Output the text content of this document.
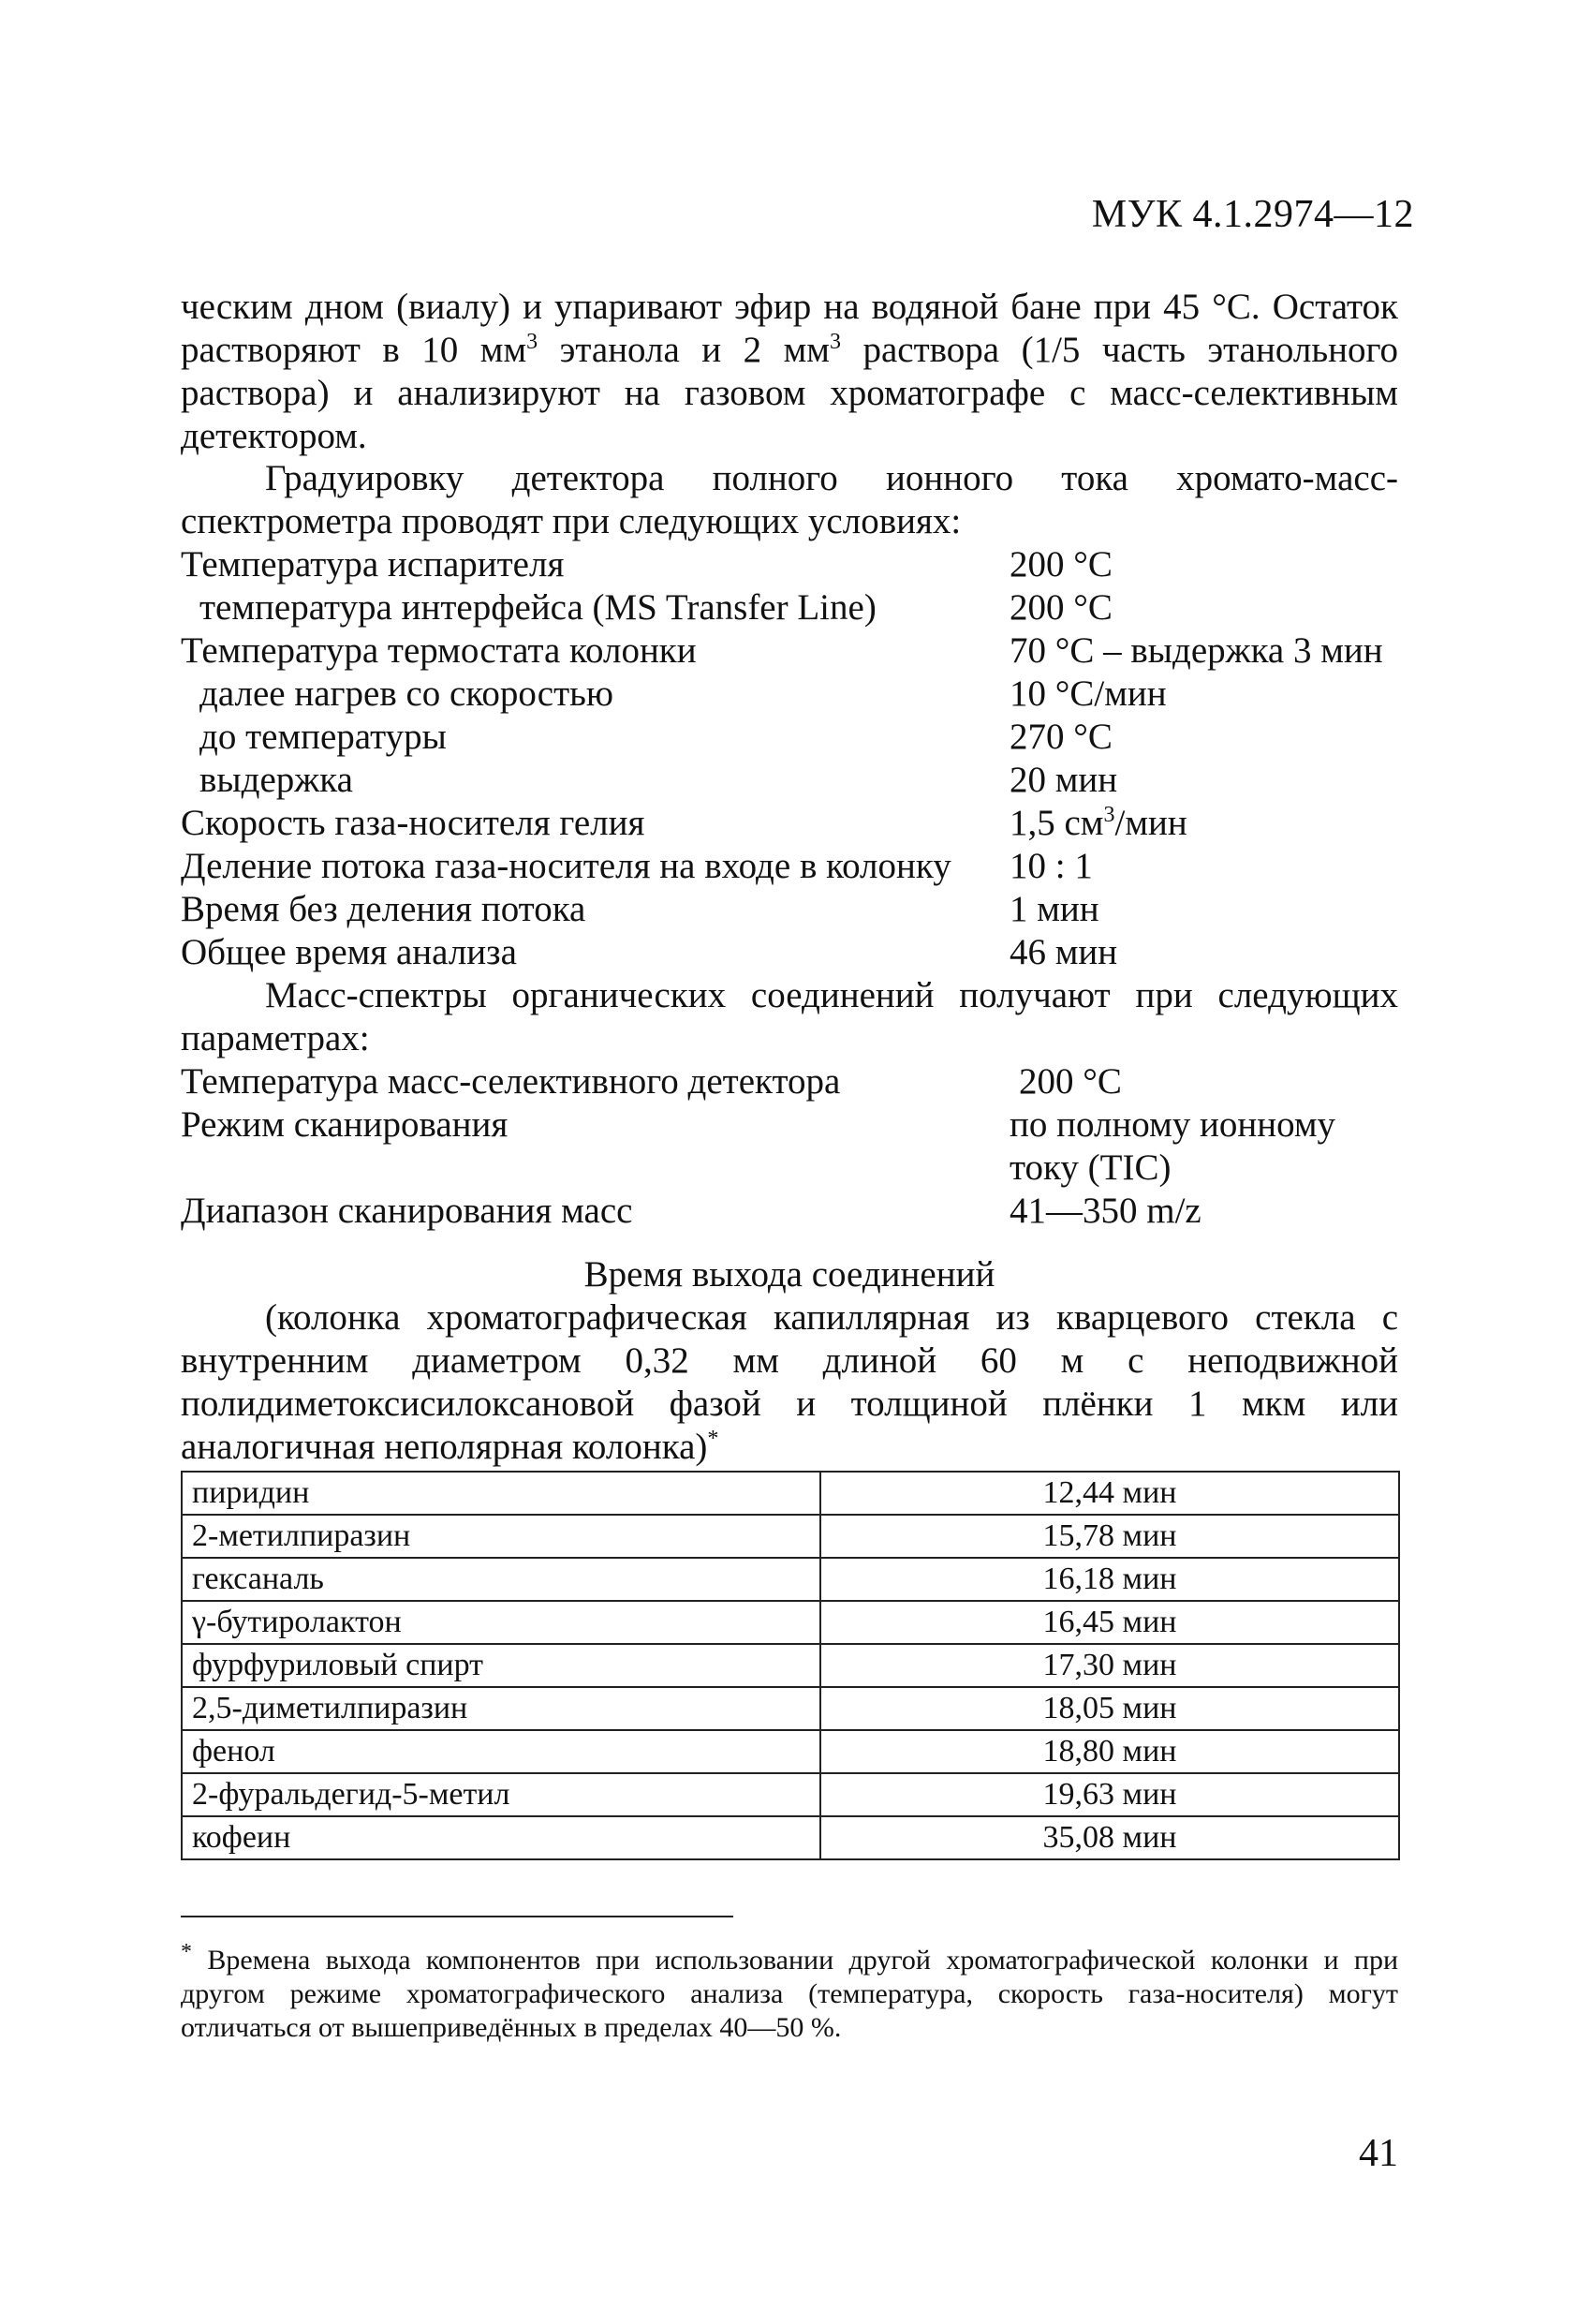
МУК 4.1.2974—12
ческим дном (виалу) и упаривают эфир на водяной бане при 45 °С. Остаток растворяют в 10 $мм^3$ этанола и 2 $мм^3$ раствора (1/5 часть этанольного раствора) и анализируют на газовом хроматографе с масс-селективным детектором.
Градуировку детектора полного ионного тока хромато-масс-спектрометра проводят при следующих условиях:
Температура испарителя	200 °С
температура интерфейса (MS Transfer Line)	200 °С
Температура термостата колонки	70 °С – выдержка 3 мин
далее нагрев со скоростью	10 °С/мин
до температуры	270 °С
выдержка	20 мин
Скорость газа-носителя гелия	1,5 $см^3$/мин
Деление потока газа-носителя на входе в колонку 10 : 1
Время без деления потока	1 мин
Общее время анализа	46 мин
Масс-спектры органических соединений получают при следующих параметрах:
Температура масс-селективного детектора	200 °С
Режим сканирования	по полному ионному
току (TIC)
Диапазон сканирования масс	41—350 m/z
Время выхода соединений
(колонка хроматографическая капиллярная из кварцевого стекла с внутренним диаметром 0,32 мм длиной 60 м с неподвижной полидиметоксисилоксановой фазой и толщиной плёнки 1 мкм или аналогичная неполярная колонка)*
пиридин	12,44 мин
2-метилпиразин	15,78 мин
гексаналь	16,18 мин
γ-бутиролактон	16,45 мин
фурфуриловый спирт	17,30 мин
2,5-диметилпиразин	18,05 мин
фенол	18,80 мин
2-фуральдегид-5-метил	19,63 мин
кофеин	35,08 мин
* Времена выхода компонентов при использовании другой хроматографической колонки и при другом режиме хроматографического анализа (температура, скорость газа-носителя) могут отличаться от вышеприведённых в пределах 40—50 %.
41
